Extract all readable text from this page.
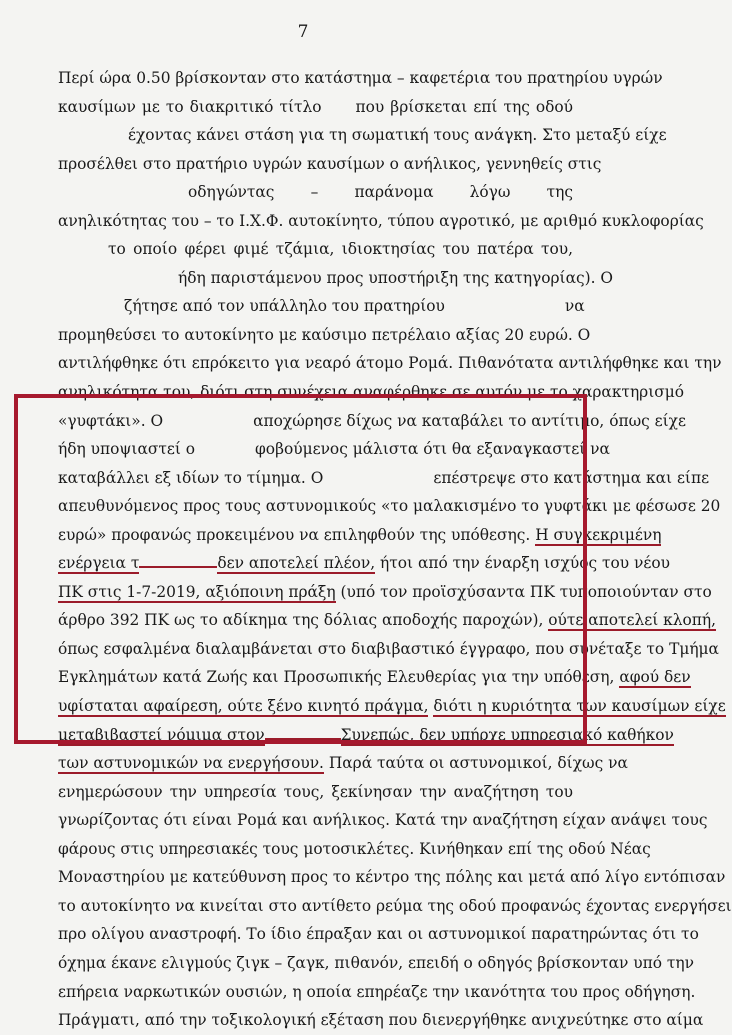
7
Περί ώρα 0.50 βρίσκονταν στο κατάστημα – καφετέρια του πρατηρίου υγρών
καυσίμων με το διακριτικό τίτλο που βρίσκεται επί της οδού
έχοντας κάνει στάση για τη σωματική τους ανάγκη. Στο μεταξύ είχε
προσέλθει στο πρατήριο υγρών καυσίμων ο ανήλικος, γεννηθείς στις
οδηγώντας – παράνομα λόγω της
ανηλικότητας του – το Ι.Χ.Φ. αυτοκίνητο, τύπου αγροτικό, με αριθμό κυκλοφορίας
το οποίο φέρει φιμέ τζάμια, ιδιοκτησίας του πατέρα του,
ήδη παριστάμενου προς υποστήριξη της κατηγορίας). Ο
ζήτησε από τον υπάλληλο του πρατηρίου	να
προμηθεύσει το αυτοκίνητο με καύσιμο πετρέλαιο αξίας 20 ευρώ. Ο
αντιλήφθηκε ότι επρόκειτο για νεαρό άτομο Ρομά. Πιθανότατα αντιλήφθηκε και την
ανηλικότητα του, διότι στη συνέχεια αναφέρθηκε σε αυτόν με το χαρακτηρισμό
«γυφτάκι». Ο	αποχώρησε δίχως να καταβάλει το αντίτιμο, όπως είχε
ήδη υποψιαστεί ο	φοβούμενος μάλιστα ότι θα εξαναγκαστεί να
καταβάλλει εξ ιδίων το τίμημα. Ο	επέστρεψε στο κατάστημα και είπε
απευθυνόμενος προς τους αστυνομικούς «το μαλακισμένο το γυφτάκι με φέσωσε 20
ευρώ» προφανώς προκειμένου να επιληφθούν της υπόθεσης. Η συγκεκριμένη
ενέργεια τ	δεν αποτελεί πλέον, ήτοι από την έναρξη ισχύος του νέου
ΠΚ στις 1-7-2019, αξιόποινη πράξη (υπό τον προϊσχύσαντα ΠΚ τυποποιούνταν στο
άρθρο 392 ΠΚ ως το αδίκημα της δόλιας αποδοχής παροχών), ούτε αποτελεί κλοπή,
όπως εσφαλμένα διαλαμβάνεται στο διαβιβαστικό έγγραφο, που συνέταξε το Τμήμα
Εγκλημάτων κατά Ζωής και Προσωπικής Ελευθερίας για την υπόθεση, αφού δεν
υφίσταται αφαίρεση, ούτε ξένο κινητό πράγμα, διότι η κυριότητα των καυσίμων είχε
μεταβιβαστεί νόμιμα στον	Συνεπώς, δεν υπήρχε υπηρεσιακό καθήκον
των αστυνομικών να ενεργήσουν. Παρά ταύτα οι αστυνομικοί, δίχως να
ενημερώσουν την υπηρεσία τους, ξεκίνησαν την αναζήτηση του
γνωρίζοντας ότι είναι Ρομά και ανήλικος. Κατά την αναζήτηση είχαν ανάψει τους
φάρους στις υπηρεσιακές τους μοτοσικλέτες. Κινήθηκαν επί της οδού Νέας
Μοναστηρίου με κατεύθυνση προς το κέντρο της πόλης και μετά από λίγο εντόπισαν
το αυτοκίνητο να κινείται στο αντίθετο ρεύμα της οδού προφανώς έχοντας ενεργήσει
προ ολίγου αναστροφή. Το ίδιο έπραξαν και οι αστυνομικοί παρατηρώντας ότι το
όχημα έκανε ελιγμούς ζιγκ – ζαγκ, πιθανόν, επειδή ο οδηγός βρίσκονταν υπό την
επήρεια ναρκωτικών ουσιών, η οποία επηρέαζε την ικανότητα του προς οδήγηση.
Πράγματι, από την τοξικολογική εξέταση που διενεργήθηκε ανιχνεύτηκε στο αίμα
